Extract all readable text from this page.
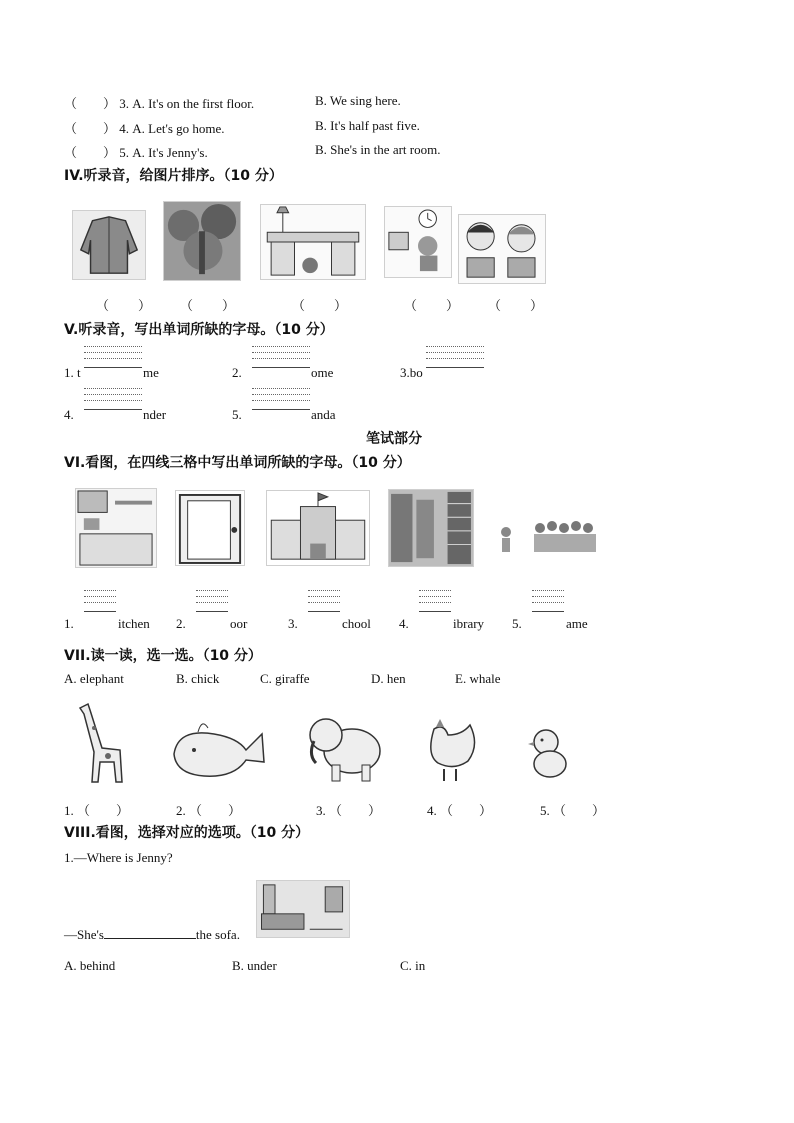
（　　） 3. A. It's on the first floor.	B. We sing here.
（　　） 4. A. Let's go home.	B. It's half past five.
（　　） 5. A. It's Jenny's.	B. She's in the art room.
IV.听录音，给图片排序。（10 分）
（　　） （　　）	（　　）	（　　） （　　）
V.听录音，写出单词所缺的字母。（10 分）
1. t	me	2.	ome	3.bo
4.	nder	5.	anda
笔试部分
VI.看图，在四线三格中写出单词所缺的字母。（10 分）
1.	itchen 2.	oor	3.	chool 4.	ibrary 5.	ame
VII.读一读，选一选。（10 分）
A. elephant	B. chick	C. giraffe	D. hen	E. whale
1. （　　）	2. （　　）	3. （　　）	4. （　　）	5. （　　）
VIII.看图，选择对应的选项。（10 分）
1.—Where is Jenny?
—She's	the sofa.
A. behind	B. under	C. in
